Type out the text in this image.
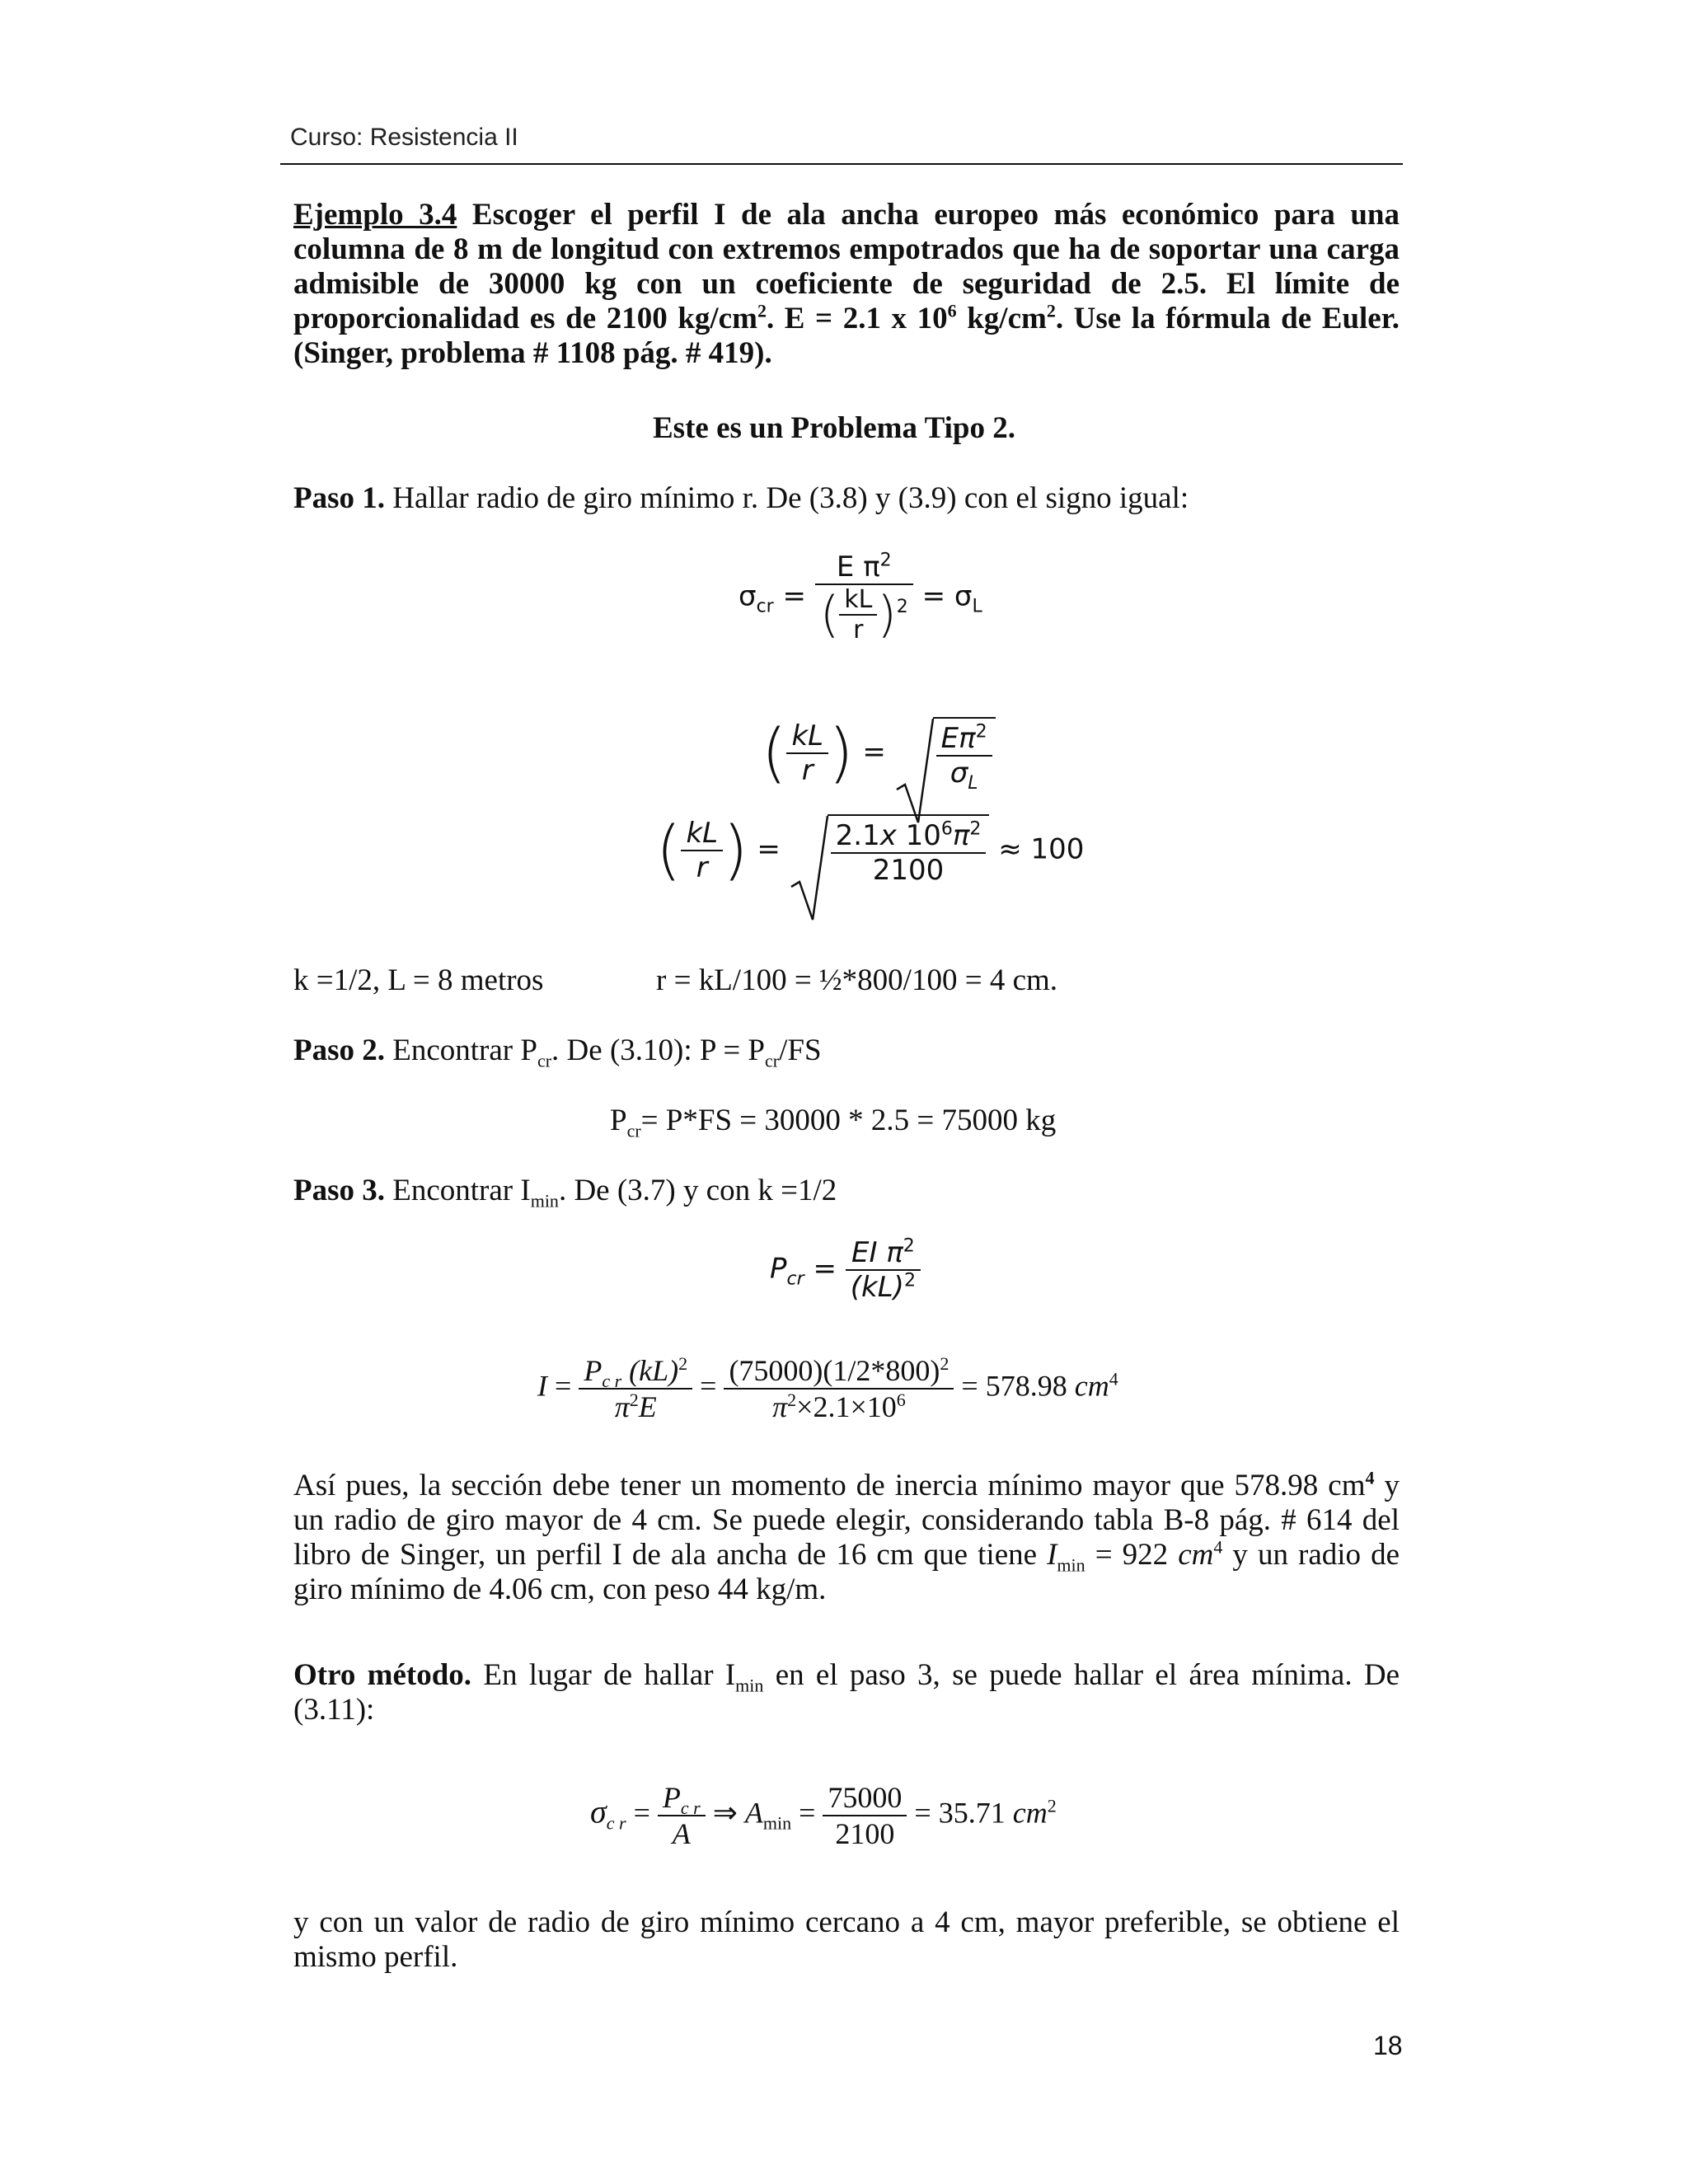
Curso: Resistencia II
Ejemplo 3.4 Escoger el perfil I de ala ancha europeo más económico para una columna de 8 m de longitud con extremos empotrados que ha de soportar una carga admisible de 30000 kg con un coeficiente de seguridad de 2.5. El límite de proporcionalidad es de 2100 $kg/cm^2$. E = 2.1 x $10^6$ $kg/cm^2$. Use la fórmula de Euler. (Singer, problema # 1108 pág. # 419).
Este es un Problema Tipo 2.
Paso 1. Hallar radio de giro mínimo r. De (3.8) y (3.9) con el signo igual:
$\sigma_{cr} = \frac{E \pi^2}{( \frac{kL}{r} )^2} = \sigma_L$
( $\frac{kL}{r}$ ) = $\frac{E\pi^2}{\sigma_L}$
( $\frac{kL}{r}$ ) = $\frac{2.1x 10^6\pi^2}{2100} \approx 100$
k =1/2, L = 8 metros	r = kL/100 = ½*800/100 = 4 cm.
Paso 2. Encontrar $P_{cr}$. De (3.10): $P = P_{cr}/FS$
$P_{cr}= P*FS = 30000 * 2.5 = 75000$ kg
Paso 3. Encontrar $I_{min}$. De (3.7) y con k =1/2
$P_{cr} = \frac{EI \pi^2}{(kL)^2}$
$I = \frac{P_{c r} (kL)^2}{\pi^2E} = \frac{(75000)(1/2*800)^2}{\pi^2\times 2.1\times 10^6} = 578.98$ $cm^4$
Así pues, la sección debe tener un momento de inercia mínimo mayor que 578.98 $cm^4$ y un radio de giro mayor de 4 cm. Se puede elegir, considerando tabla B-8 pág. # 614 del libro de Singer, un perfil I de ala ancha de 16 cm que tiene $I_{min} = 922$ $cm^4$ y un radio de giro mínimo de 4.06 cm, con peso 44 kg/m.
Otro método. En lugar de hallar $I_{min}$ en el paso 3, se puede hallar el área mínima. De (3.11):
$\sigma_{c r} = \frac{P_{c r}}{A}$ ⇒ $A_{min} = \frac{75000}{2100} = 35.71$ $cm^2$
y con un valor de radio de giro mínimo cercano a 4 cm, mayor preferible, se obtiene el mismo perfil.
18
